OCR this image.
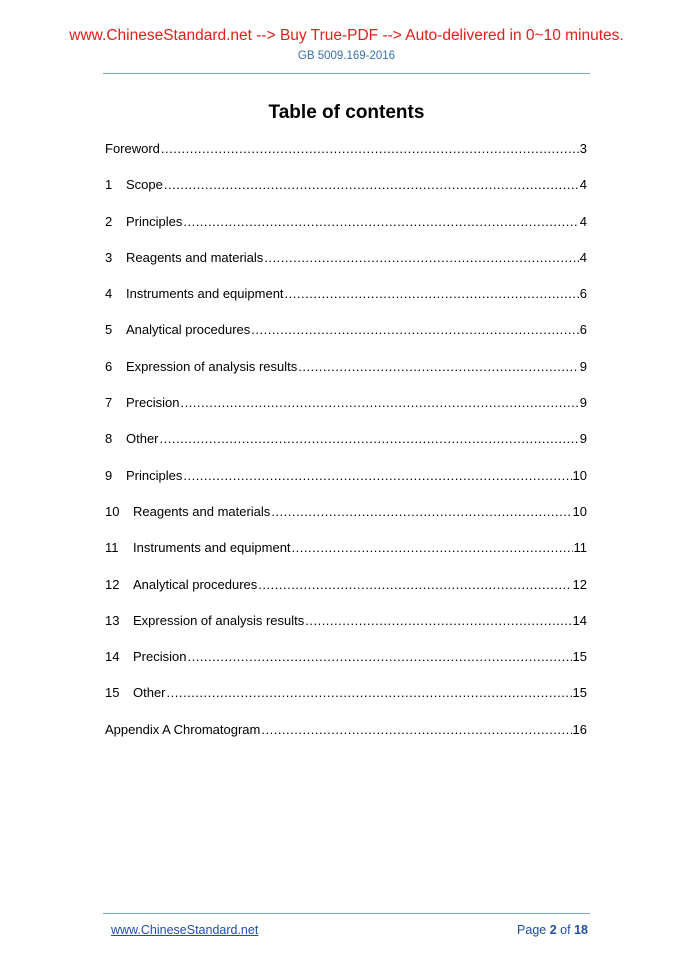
www.ChineseStandard.net --> Buy True-PDF --> Auto-delivered in 0~10 minutes.
GB 5009.169-2016
Table of contents
Foreword .....	3
1	Scope .....	4
2	Principles .....	4
3	Reagents and materials .....	4
4	Instruments and equipment .....	6
5	Analytical procedures .....	6
6	Expression of analysis results .....	9
7	Precision .....	9
8	Other .....	9
9	Principles .....	10
10	Reagents and materials .....	10
11	Instruments and equipment .....	11
12	Analytical procedures .....	12
13	Expression of analysis results .....	14
14	Precision .....	15
15	Other .....	15
Appendix A Chromatogram .....	16
www.ChineseStandard.net	Page 2 of 18
